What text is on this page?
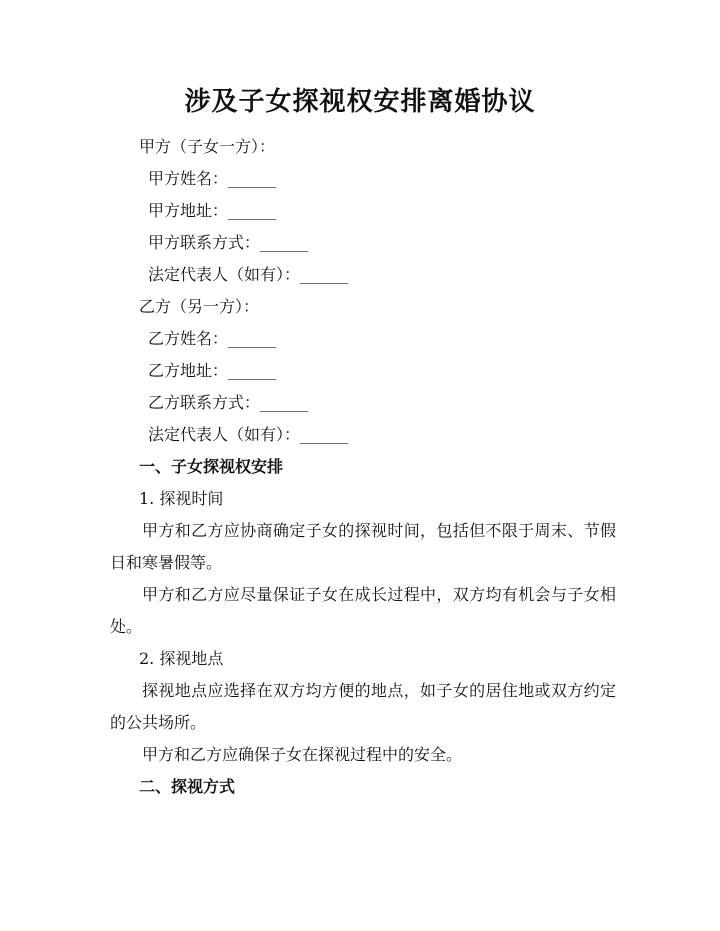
涉及子女探视权安排离婚协议
甲方（子女一方）：
甲方姓名：______
甲方地址：______
甲方联系方式：______
法定代表人（如有）：______
乙方（另一方）：
乙方姓名：______
乙方地址：______
乙方联系方式：______
法定代表人（如有）：______
一、子女探视权安排
1. 探视时间
甲方和乙方应协商确定子女的探视时间，包括但不限于周末、节假日和寒暑假等。
甲方和乙方应尽量保证子女在成长过程中，双方均有机会与子女相处。
2. 探视地点
探视地点应选择在双方均方便的地点，如子女的居住地或双方约定的公共场所。
甲方和乙方应确保子女在探视过程中的安全。
二、探视方式
